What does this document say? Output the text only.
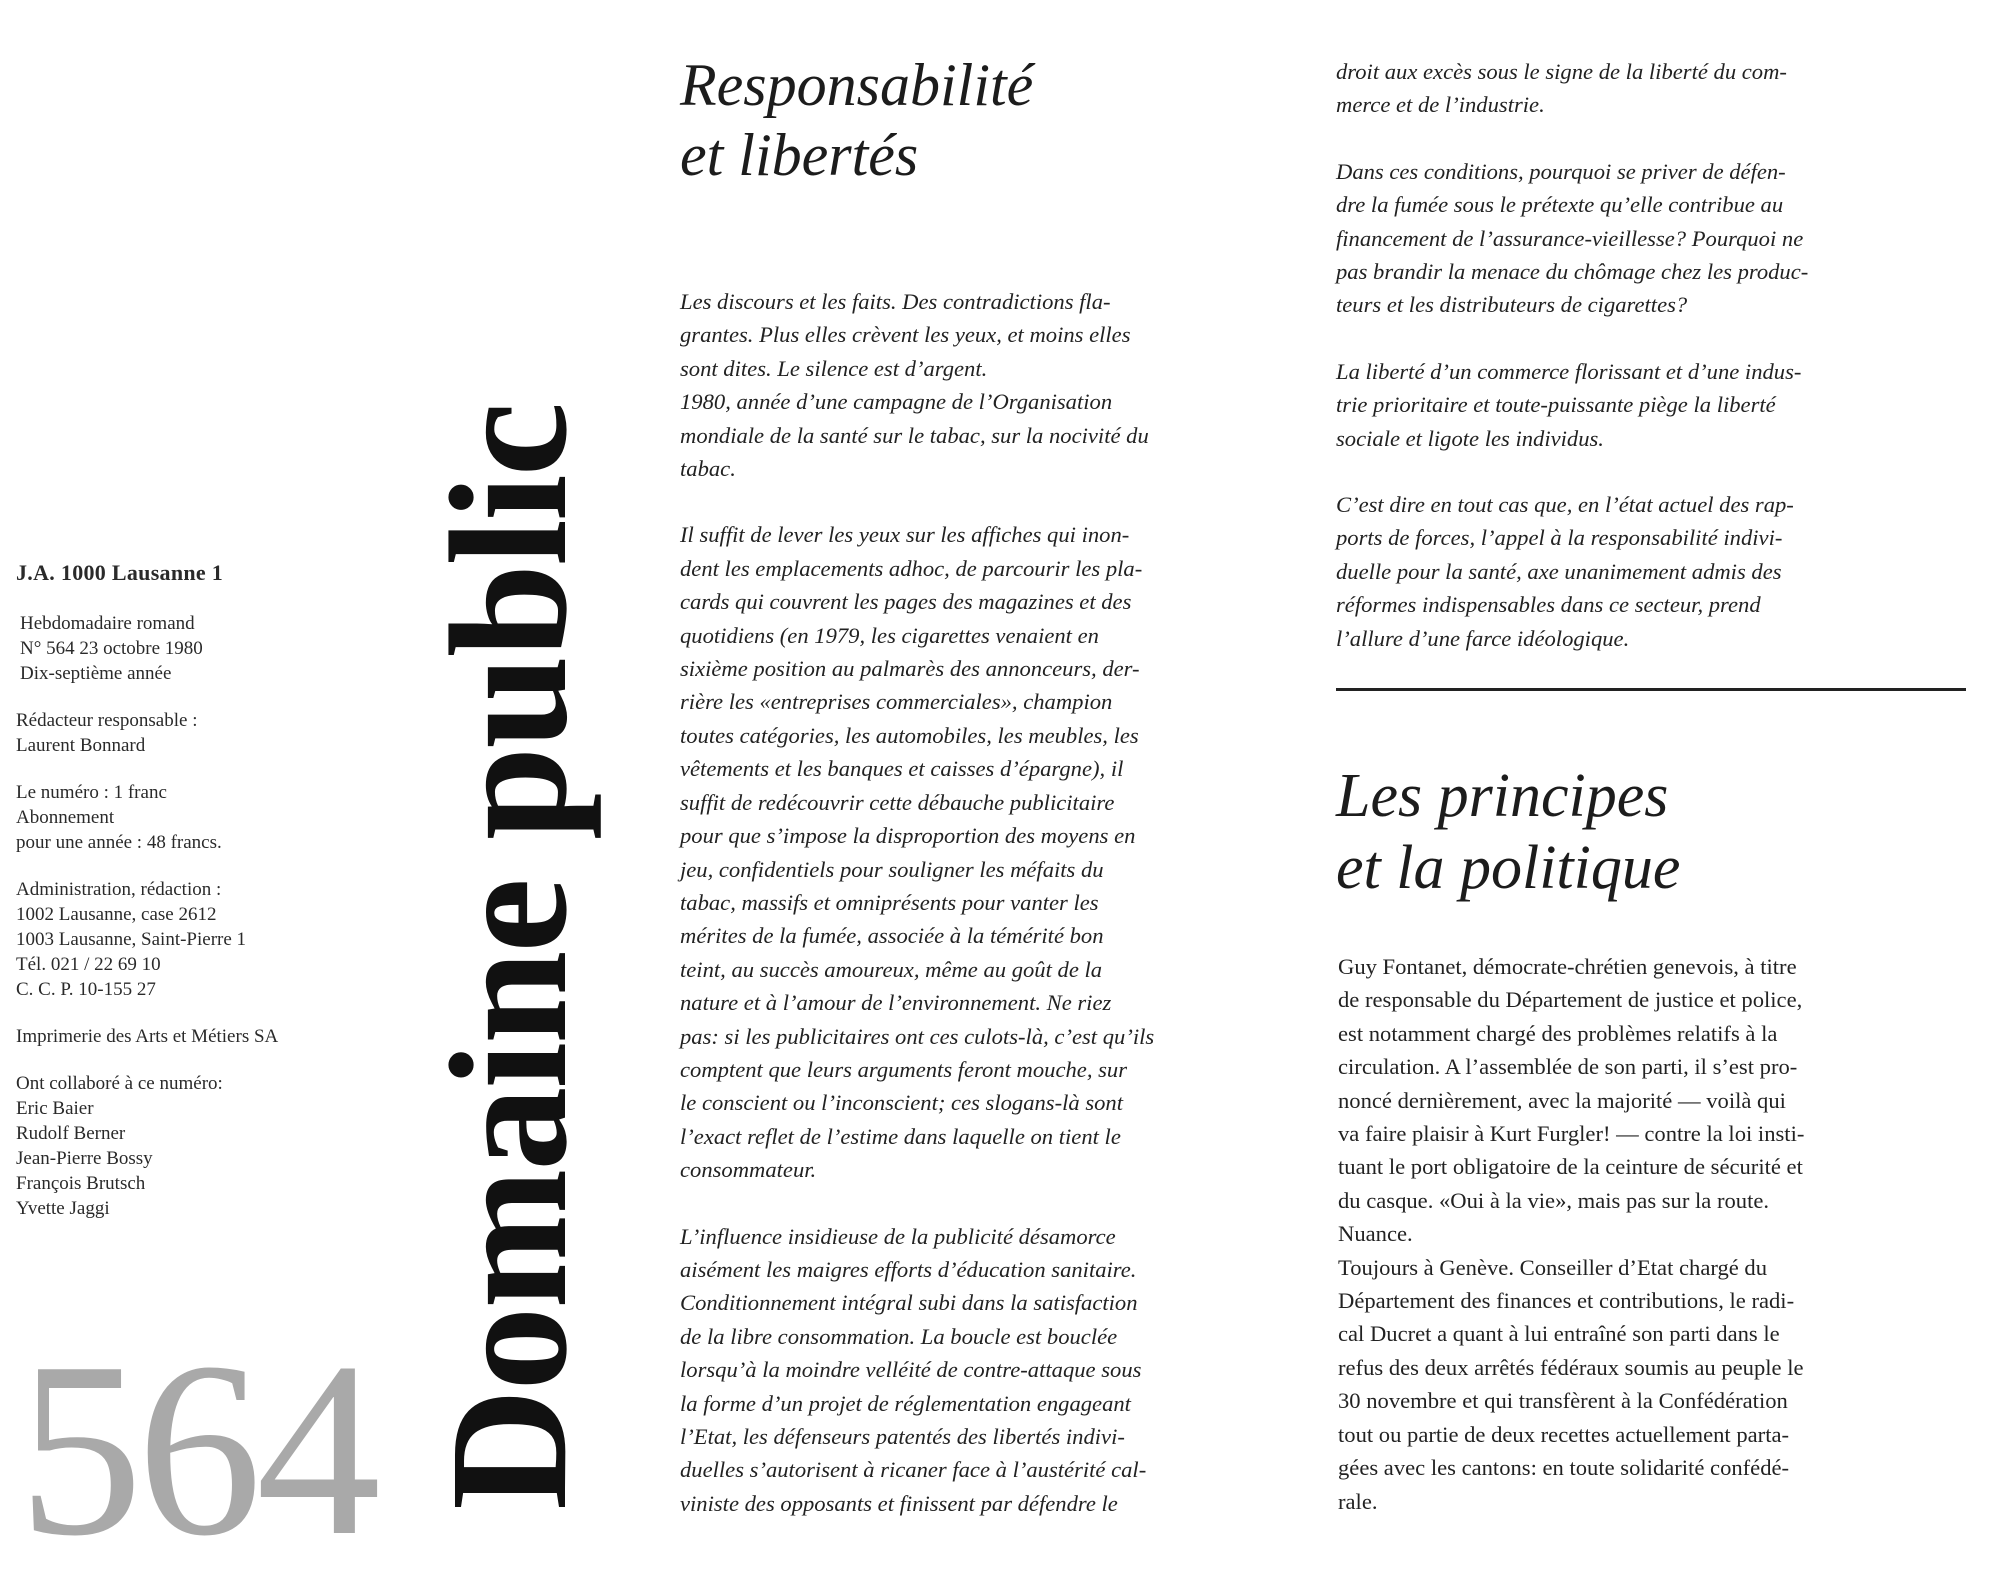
J.A. 1000 Lausanne 1
Hebdomadaire romand
N° 564 23 octobre 1980
Dix-septième année
Rédacteur responsable :
Laurent Bonnard
Le numéro : 1 franc
Abonnement
pour une année : 48 francs.
Administration, rédaction :
1002 Lausanne, case 2612
1003 Lausanne, Saint-Pierre 1
Tél. 021 / 22 69 10
C. C. P. 10-155 27
Imprimerie des Arts et Métiers SA
Ont collaboré à ce numéro:
Eric Baier
Rudolf Berner
Jean-Pierre Bossy
François Brutsch
Yvette Jaggi
564 Domaine public
Responsabilité
et libertés

Les discours et les faits. Des contradictions fla-
grantes. Plus elles crèvent les yeux, et moins elles
sont dites. Le silence est d’argent.
1980, année d’une campagne de l’Organisation
mondiale de la santé sur le tabac, sur la nocivité du
tabac.

Il suffit de lever les yeux sur les affiches qui inon-
dent les emplacements adhoc, de parcourir les pla-
cards qui couvrent les pages des magazines et des
quotidiens (en 1979, les cigarettes venaient en
sixième position au palmarès des annonceurs, der-
rière les «entreprises commerciales», champion
toutes catégories, les automobiles, les meubles, les
vêtements et les banques et caisses d’épargne), il
suffit de redécouvrir cette débauche publicitaire
pour que s’impose la disproportion des moyens en
jeu, confidentiels pour souligner les méfaits du
tabac, massifs et omniprésents pour vanter les
mérites de la fumée, associée à la témérité bon
teint, au succès amoureux, même au goût de la
nature et à l’amour de l’environnement. Ne riez
pas: si les publicitaires ont ces culots-là, c’est qu’ils
comptent que leurs arguments feront mouche, sur
le conscient ou l’inconscient; ces slogans-là sont
l’exact reflet de l’estime dans laquelle on tient le
consommateur.

L’influence insidieuse de la publicité désamorce
aisément les maigres efforts d’éducation sanitaire.
Conditionnement intégral subi dans la satisfaction
de la libre consommation. La boucle est bouclée
lorsqu’à la moindre velléité de contre-attaque sous
la forme d’un projet de réglementation engageant
l’Etat, les défenseurs patentés des libertés indivi-
duelles s’autorisent à ricaner face à l’austérité cal-
viniste des opposants et finissent par défendre le

droit aux excès sous le signe de la liberté du com-
merce et de l’industrie.

Dans ces conditions, pourquoi se priver de défen-
dre la fumée sous le prétexte qu’elle contribue au
financement de l’assurance-vieillesse? Pourquoi ne
pas brandir la menace du chômage chez les produc-
teurs et les distributeurs de cigarettes?

La liberté d’un commerce florissant et d’une indus-
trie prioritaire et toute-puissante piège la liberté
sociale et ligote les individus.

C’est dire en tout cas que, en l’état actuel des rap-
ports de forces, l’appel à la responsabilité indivi-
duelle pour la santé, axe unanimement admis des
réformes indispensables dans ce secteur, prend
l’allure d’une farce idéologique.

Les principes
et la politique

Guy Fontanet, démocrate-chrétien genevois, à titre
de responsable du Département de justice et police,
est notamment chargé des problèmes relatifs à la
circulation. A l’assemblée de son parti, il s’est pro-
noncé dernièrement, avec la majorité — voilà qui
va faire plaisir à Kurt Furgler! — contre la loi insti-
tuant le port obligatoire de la ceinture de sécurité et
du casque. «Oui à la vie», mais pas sur la route.
Nuance.
Toujours à Genève. Conseiller d’Etat chargé du
Département des finances et contributions, le radi-
cal Ducret a quant à lui entraîné son parti dans le
refus des deux arrêtés fédéraux soumis au peuple le
30 novembre et qui transfèrent à la Confédération
tout ou partie de deux recettes actuellement parta-
gées avec les cantons: en toute solidarité confédé-
rale.
